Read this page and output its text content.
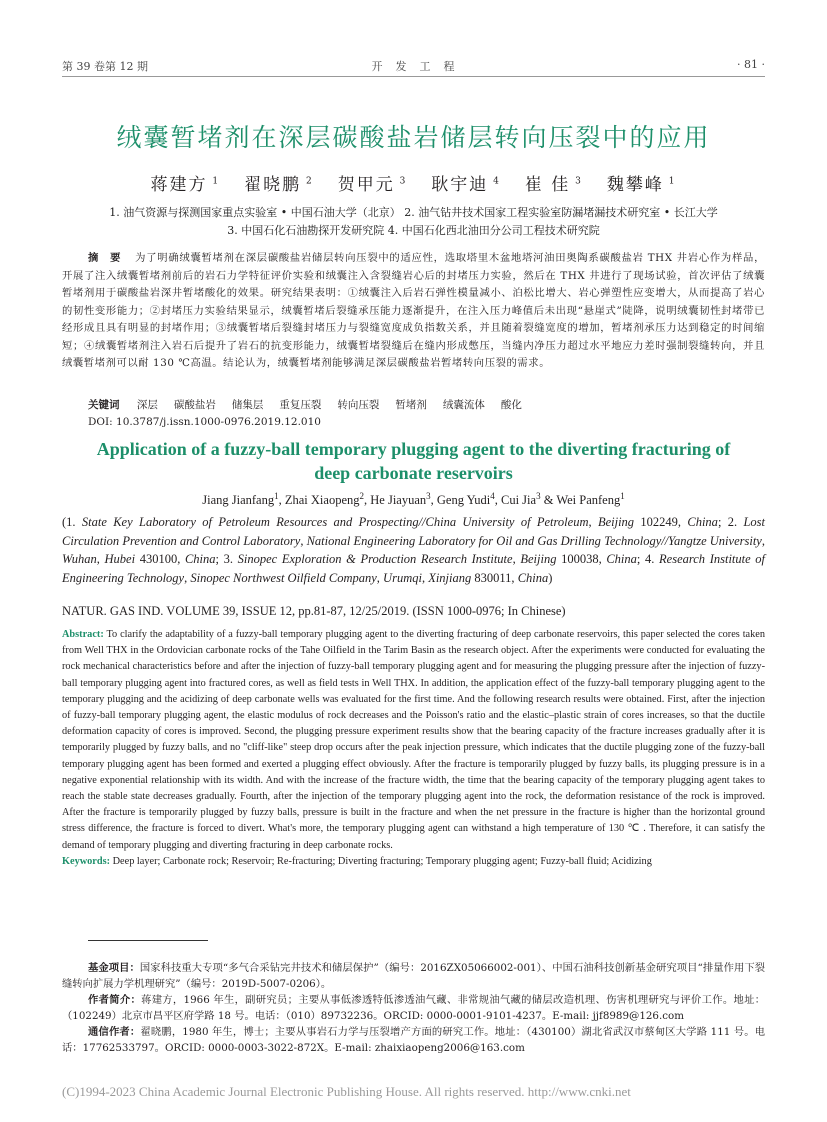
第 39 卷第 12 期	开　发　工　程	· 81 ·
绒囊暂堵剂在深层碳酸盐岩储层转向压裂中的应用
蒋建方 $^1$ 翟晓鹏 $^2$ 贺甲元 $^3$ 耿宇迪 $^4$ 崔 佳 $^3$ 魏攀峰 $^1$
1. 油气资源与探测国家重点实验室 • 中国石油大学（北京） 2. 油气钻井技术国家工程实验室防漏堵漏技术研究室 • 长江大学
3. 中国石化石油勘探开发研究院 4. 中国石化西北油田分公司工程技术研究院
摘　要 为了明确绒囊暂堵剂在深层碳酸盐岩储层转向压裂中的适应性，选取塔里木盆地塔河油田奥陶系碳酸盐岩 THX 井岩心作为样品，开展了注入绒囊暂堵剂前后的岩石力学特征评价实验和绒囊注入含裂缝岩心后的封堵压力实验，然后在 THX 井进行了现场试验，首次评估了绒囊暂堵剂用于碳酸盐岩深井暂堵酸化的效果。研究结果表明：①绒囊注入后岩石弹性模量减小、泊松比增大、岩心弹塑性应变增大，从而提高了岩心的韧性变形能力；②封堵压力实验结果显示，绒囊暂堵后裂缝承压能力逐渐提升，在注入压力峰值后未出现“悬崖式”陡降，说明绒囊韧性封堵带已经形成且具有明显的封堵作用；③绒囊暂堵后裂缝封堵压力与裂缝宽度成负指数关系，并且随着裂缝宽度的增加，暂堵剂承压力达到稳定的时间缩短；④绒囊暂堵剂注入岩石后提升了岩石的抗变形能力，绒囊暂堵裂缝后在缝内形成憋压，当缝内净压力超过水平地应力差时强制裂缝转向，并且绒囊暂堵剂可以耐 130 ℃高温。结论认为，绒囊暂堵剂能够满足深层碳酸盐岩暂堵转向压裂的需求。
关键词 深层 碳酸盐岩 储集层 重复压裂 转向压裂 暂堵剂 绒囊流体 酸化
DOI: 10.3787/j.issn.1000-0976.2019.12.010
Application of a fuzzy-ball temporary plugging agent to the diverting fracturing of
deep carbonate reservoirs
Jiang Jianfang$^1$, Zhai Xiaopeng$^2$, He Jiayuan$^3$, Geng Yudi$^4$, Cui Jia$^3$ & Wei Panfeng$^1$
(1. State Key Laboratory of Petroleum Resources and Prospecting//China University of Petroleum, Beijing 102249, China; 2. Lost Circulation Prevention and Control Laboratory, National Engineering Laboratory for Oil and Gas Drilling Technology//Yangtze University, Wuhan, Hubei 430100, China; 3. Sinopec Exploration & Production Research Institute, Beijing 100038, China; 4. Research Institute of Engineering Technology, Sinopec Northwest Oilfield Company, Urumqi, Xinjiang 830011, China)
NATUR. GAS IND. VOLUME 39, ISSUE 12, pp.81-87, 12/25/2019. (ISSN 1000-0976; In Chinese)
Abstract: To clarify the adaptability of a fuzzy-ball temporary plugging agent to the diverting fracturing of deep carbonate reservoirs, this paper selected the cores taken from Well THX in the Ordovician carbonate rocks of the Tahe Oilfield in the Tarim Basin as the research object. After the experiments were conducted for evaluating the rock mechanical characteristics before and after the injection of fuzzy-ball temporary plugging agent and for measuring the plugging pressure after the injection of fuzzy-ball temporary plugging agent into fractured cores, as well as field tests in Well THX. In addition, the application effect of the fuzzy-ball temporary plugging agent to the temporary plugging and the acidizing of deep carbonate wells was evaluated for the first time. And the following research results were obtained. First, after the injection of fuzzy-ball temporary plugging agent, the elastic modulus of rock decreases and the Poisson's ratio and the elastic–plastic strain of cores increases, so that the ductile deformation capacity of cores is improved. Second, the plugging pressure experiment results show that the bearing capacity of the fracture increases gradually after it is temporarily plugged by fuzzy balls, and no "cliff-like" steep drop occurs after the peak injection pressure, which indicates that the ductile plugging zone of the fuzzy-ball temporary plugging agent has been formed and exerted a plugging effect obviously. After the fracture is temporarily plugged by fuzzy balls, its plugging pressure is in a negative exponential relationship with its width. And with the increase of the fracture width, the time that the bearing capacity of the temporary plugging agent takes to reach the stable state decreases gradually. Fourth, after the injection of the temporary plugging agent into the rock, the deformation resistance of the rock is improved. After the fracture is temporarily plugged by fuzzy balls, pressure is built in the fracture and when the net pressure in the fracture is higher than the horizontal ground stress difference, the fracture is forced to divert. What's more, the temporary plugging agent can withstand a high temperature of 130 ℃ . Therefore, it can satisfy the demand of temporary plugging and diverting fracturing in deep carbonate rocks.
Keywords: Deep layer; Carbonate rock; Reservoir; Re-fracturing; Diverting fracturing; Temporary plugging agent; Fuzzy-ball fluid; Acidizing
基金项目：国家科技重大专项“多气合采钻完井技术和储层保护”（编号：2016ZX05066002-001）、中国石油科技创新基金研究项目“排量作用下裂缝转向扩展力学机理研究”（编号：2019D-5007-0206）。
作者简介：蒋建方，1966 年生，副研究员；主要从事低渗透特低渗透油气藏、非常规油气藏的储层改造机理、伤害机理研究与评价工作。地址：（102249）北京市昌平区府学路 18 号。电话：（010）89732236。ORCID: 0000-0001-9101-4237。E-mail: jjf8989@126.com
通信作者：翟晓鹏，1980 年生，博士；主要从事岩石力学与压裂增产方面的研究工作。地址：（430100）湖北省武汉市蔡甸区大学路 111 号。电话：17762533797。ORCID: 0000-0003-3022-872X。E-mail: zhaixiaopeng2006@163.com
(C)1994-2023 China Academic Journal Electronic Publishing House. All rights reserved. http://www.cnki.net
